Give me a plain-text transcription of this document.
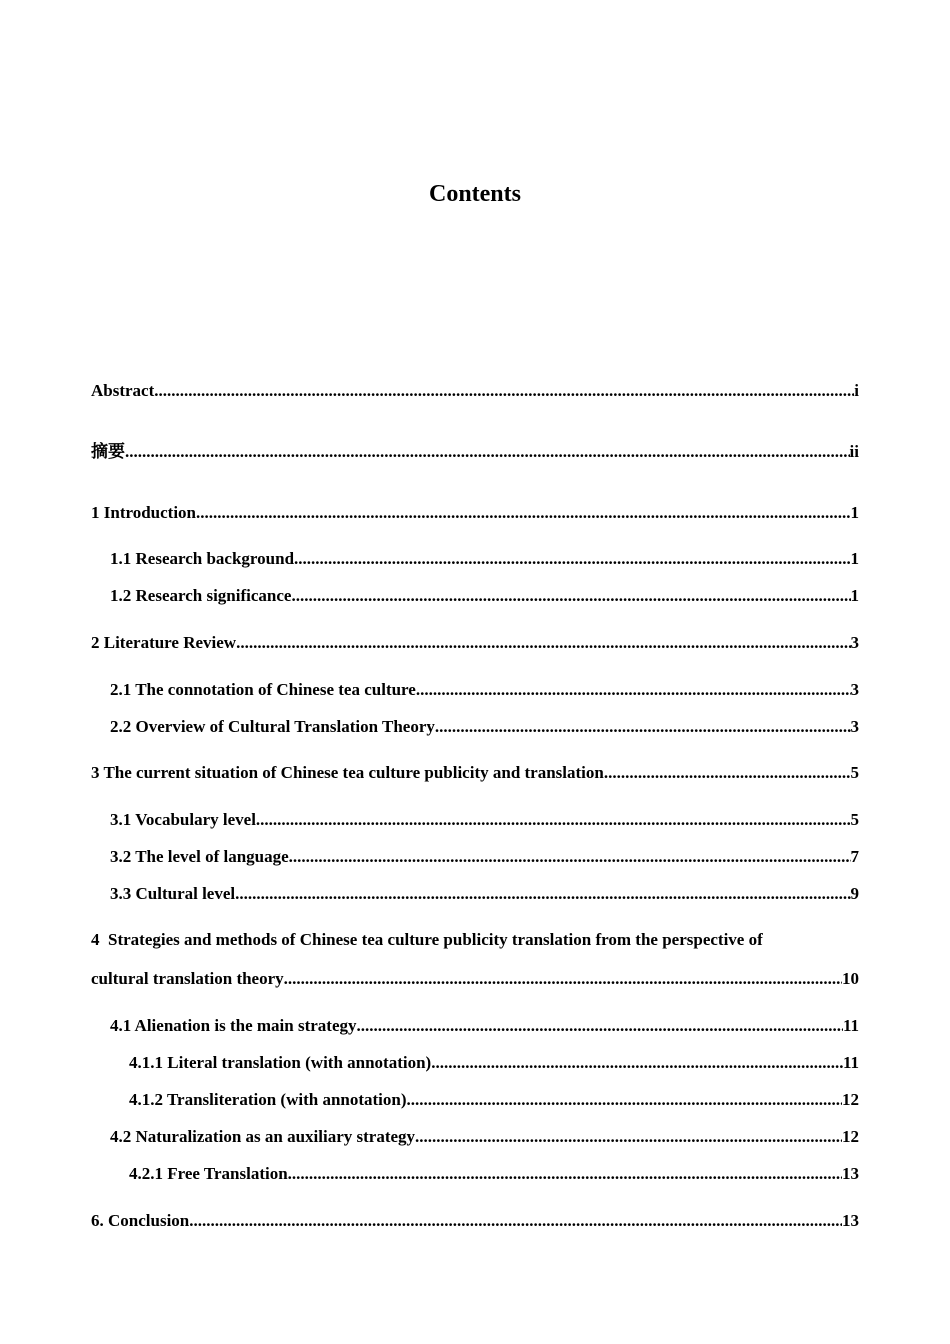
Contents
Abstract .....	i
摘要 .....	ii
1 Introduction .....	1
1.1 Research background .....	1
1.2 Research significance .....	1
2 Literature Review .....	3
2.1 The connotation of Chinese tea culture .....	3
2.2 Overview of Cultural Translation Theory .....	3
3 The current situation of Chinese tea culture publicity and translation .....	5
3.1 Vocabulary level .....	5
3.2 The level of language .....	7
3.3 Cultural level .....	9
4  Strategies and methods of Chinese tea culture publicity translation from the perspective of
cultural translation theory .....	10
4.1 Alienation is the main strategy .....	11
4.1.1 Literal translation (with annotation) .....	11
4.1.2 Transliteration (with annotation) .....	12
4.2 Naturalization as an auxiliary strategy .....	12
4.2.1 Free Translation .....	13
6. Conclusion .....	13
